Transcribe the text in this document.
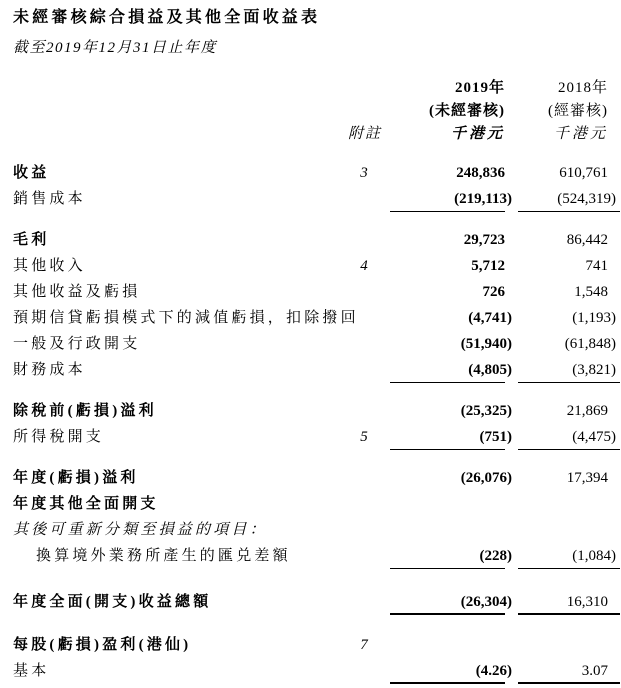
未經審核綜合損益及其他全面收益表
截至2019年12月31日止年度
2019年	2018年
(未經審核)	(經審核)
附註	千港元	千港元
收益	3	248,836	610,761
銷售成本	(219,113)	(524,319)
毛利	29,723	86,442
其他收入	4	5,712	741
其他收益及虧損	726	1,548
預期信貸虧損模式下的減值虧損，扣除撥回	(4,741)	(1,193)
一般及行政開支	(51,940)	(61,848)
財務成本	(4,805)	(3,821)
除稅前(虧損)溢利	(25,325)	21,869
所得稅開支	5	(751)	(4,475)
年度(虧損)溢利	(26,076)	17,394
年度其他全面開支
其後可重新分類至損益的項目：
換算境外業務所產生的匯兑差額	(228)	(1,084)
年度全面(開支)收益總額	(26,304)	16,310
每股(虧損)盈利(港仙)	7
基本	(4.26)	3.07
